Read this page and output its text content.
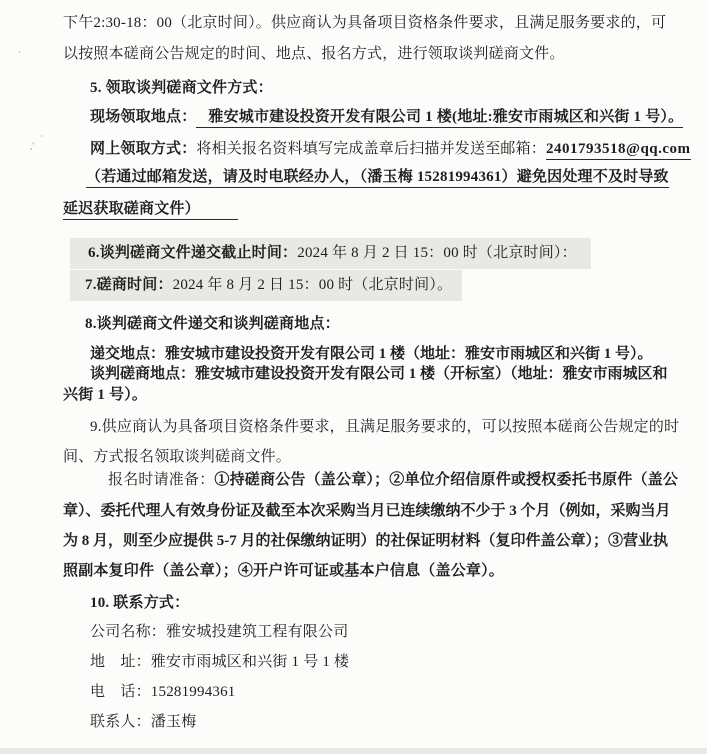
,'
·
·
下午2:30-18：00（北京时间）。供应商认为具备项目资格条件要求，且满足服务要求的，可
以按照本磋商公告规定的时间、地点、报名方式，进行领取谈判磋商文件。
5. 领取谈判磋商文件方式：
现场领取地点： 雅安城市建设投资开发有限公司 1 楼(地址:雅安市雨城区和兴街 1 号）。
网上领取方式：将相关报名资料填写完成盖章后扫描并发送至邮箱：2401793518@qq.com
（若通过邮箱发送，请及时电联经办人，（潘玉梅 15281994361）避免因处理不及时导致
延迟获取磋商文件）
6.谈判磋商文件递交截止时间：2024 年 8 月 2 日 15：00 时（北京时间）：
7.磋商时间：2024 年 8 月 2 日 15：00 时（北京时间）。
8.谈判磋商文件递交和谈判磋商地点：
递交地点：雅安城市建设投资开发有限公司 1 楼（地址：雅安市雨城区和兴街 1 号）。
谈判磋商地点：雅安城市建设投资开发有限公司 1 楼（开标室）（地址：雅安市雨城区和
兴街 1 号）。
9.供应商认为具备项目资格条件要求，且满足服务要求的，可以按照本磋商公告规定的时
间、方式报名领取谈判磋商文件。
报名时请准备：①持磋商公告（盖公章）；②单位介绍信原件或授权委托书原件（盖公
章）、委托代理人有效身份证及截至本次采购当月已连续缴纳不少于 3 个月（例如，采购当月
为 8 月，则至少应提供 5-7 月的社保缴纳证明）的社保证明材料（复印件盖公章）；③营业执
照副本复印件（盖公章）；④开户许可证或基本户信息（盖公章）。
10. 联系方式：
公司名称：雅安城投建筑工程有限公司
地　址：雅安市雨城区和兴街 1 号 1 楼
电　话：15281994361
联系人：潘玉梅
